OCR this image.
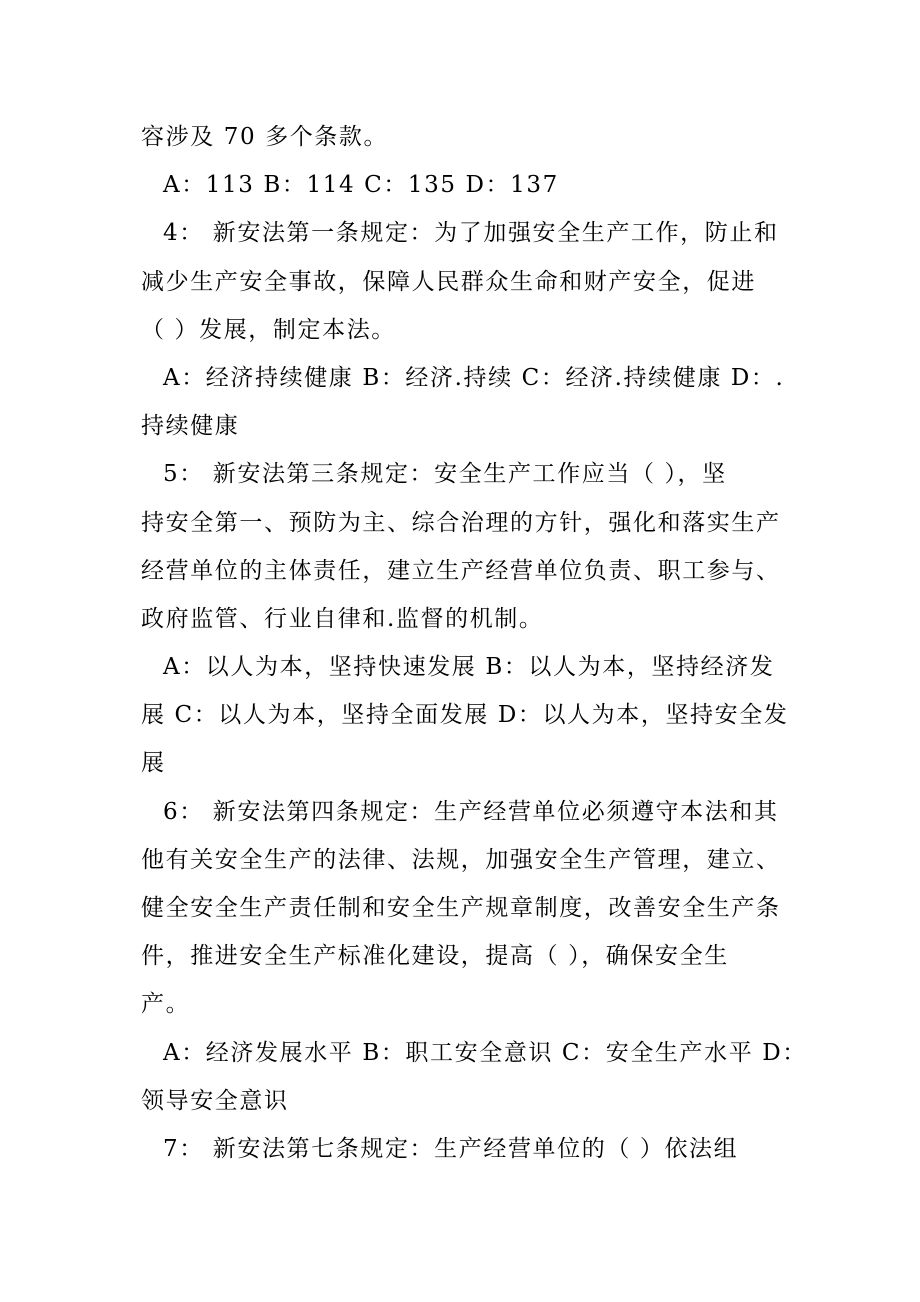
容涉及 70 多个条款。
A：113 B：114 C：135 D：137
4： 新安法第一条规定：为了加强安全生产工作，防止和
减少生产安全事故，保障人民群众生命和财产安全，促进
（ ）发展，制定本法。
A：经济持续健康 B：经济.持续 C：经济.持续健康 D：.
持续健康
5： 新安法第三条规定：安全生产工作应当（ ），坚
持安全第一、预防为主、综合治理的方针，强化和落实生产
经营单位的主体责任，建立生产经营单位负责、职工参与、
政府监管、行业自律和.监督的机制。
A：以人为本，坚持快速发展 B：以人为本，坚持经济发
展 C：以人为本，坚持全面发展 D：以人为本，坚持安全发
展
6： 新安法第四条规定：生产经营单位必须遵守本法和其
他有关安全生产的法律、法规，加强安全生产管理，建立、
健全安全生产责任制和安全生产规章制度，改善安全生产条
件，推进安全生产标准化建设，提高（ ），确保安全生
产。
A：经济发展水平 B：职工安全意识 C：安全生产水平 D：
领导安全意识
7： 新安法第七条规定：生产经营单位的（ ）依法组
